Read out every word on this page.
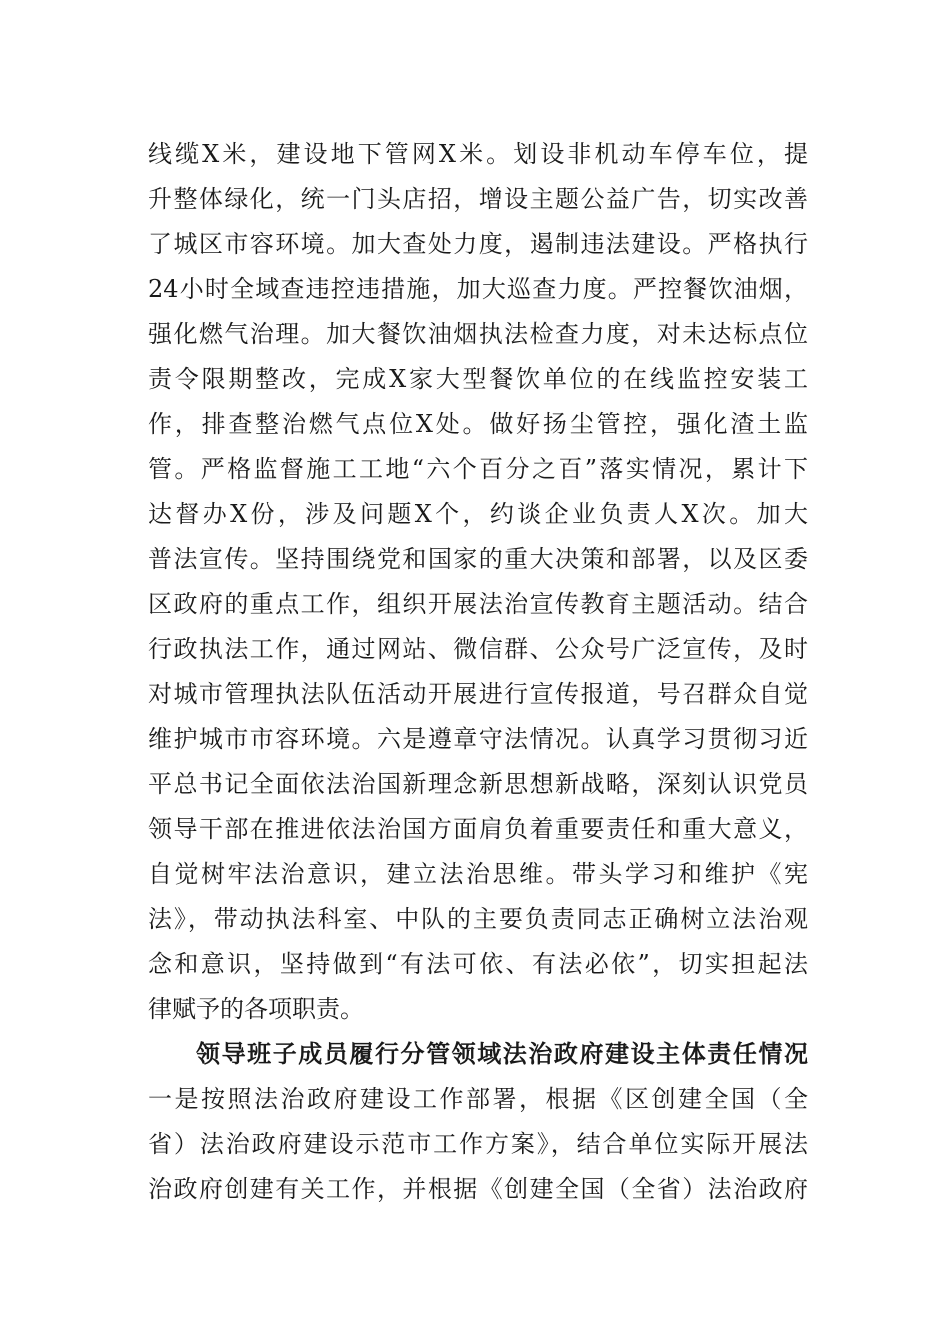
线缆X米，建设地下管网X米。划设非机动车停车位，提
升整体绿化，统一门头店招，增设主题公益广告，切实改善
了城区市容环境。加大查处力度，遏制违法建设。严格执行
24小时全域查违控违措施，加大巡查力度。严控餐饮油烟，
强化燃气治理。加大餐饮油烟执法检查力度，对未达标点位
责令限期整改，完成X家大型餐饮单位的在线监控安装工
作，排查整治燃气点位X处。做好扬尘管控，强化渣土监
管。严格监督施工工地“六个百分之百”落实情况，累计下
达督办X份，涉及问题X个，约谈企业负责人X次。加大
普法宣传。坚持围绕党和国家的重大决策和部署，以及区委
区政府的重点工作，组织开展法治宣传教育主题活动。结合
行政执法工作，通过网站、微信群、公众号广泛宣传，及时
对城市管理执法队伍活动开展进行宣传报道，号召群众自觉
维护城市市容环境。六是遵章守法情况。认真学习贯彻习近
平总书记全面依法治国新理念新思想新战略，深刻认识党员
领导干部在推进依法治国方面肩负着重要责任和重大意义，
自觉树牢法治意识，建立法治思维。带头学习和维护《宪
法》，带动执法科室、中队的主要负责同志正确树立法治观
念和意识，坚持做到“有法可依、有法必依”，切实担起法
律赋予的各项职责。
领导班子成员履行分管领域法治政府建设主体责任情况
一是按照法治政府建设工作部署，根据《区创建全国（全
省）法治政府建设示范市工作方案》，结合单位实际开展法
治政府创建有关工作，并根据《创建全国（全省）法治政府
